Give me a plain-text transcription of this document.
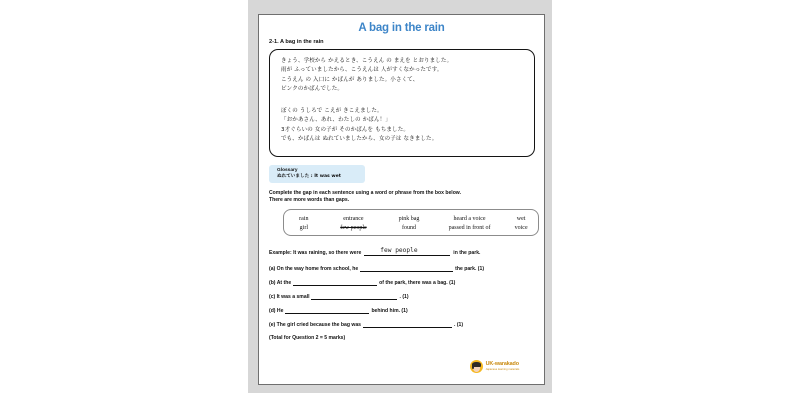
A bag in the rain
2-1. A bag in the rain
きょう、学校から かえるとき、こうえん の まえを とおりました。
雨が ふっていましたから、こうえんは 人がすくなかったです。
こうえん の 入口に かばんが ありました。小さくて、
ピンクのかばんでした。
ぼくの うしろで こえが きこえました。
「おかあさん、あれ、わたしの かばん！」
3才ぐらいの 女の子が そのかばんを もちました。
でも、かばんは ぬれていましたから、女の子は なきました。
Glossary
ぬれていました : It was wet
Complete the gap in each sentence using a word or phrase from the box below.
There are more words than gaps.
rain	entrance	pink bag	heard a voice	wet
girl	few people	found	passed in front of	voice
Example: It was raining, so there were	few people	in the park.
(a) On the way home from school, he	the park. (1)
(b) At the	of the park, there was a bag. (1)
(c) It was a small	. (1)
(d) He	behind him. (1)
(e) The girl cried because the bag was	. (1)
(Total for Question 2 = 5 marks)
UK-warakado
Japanese learning materials
